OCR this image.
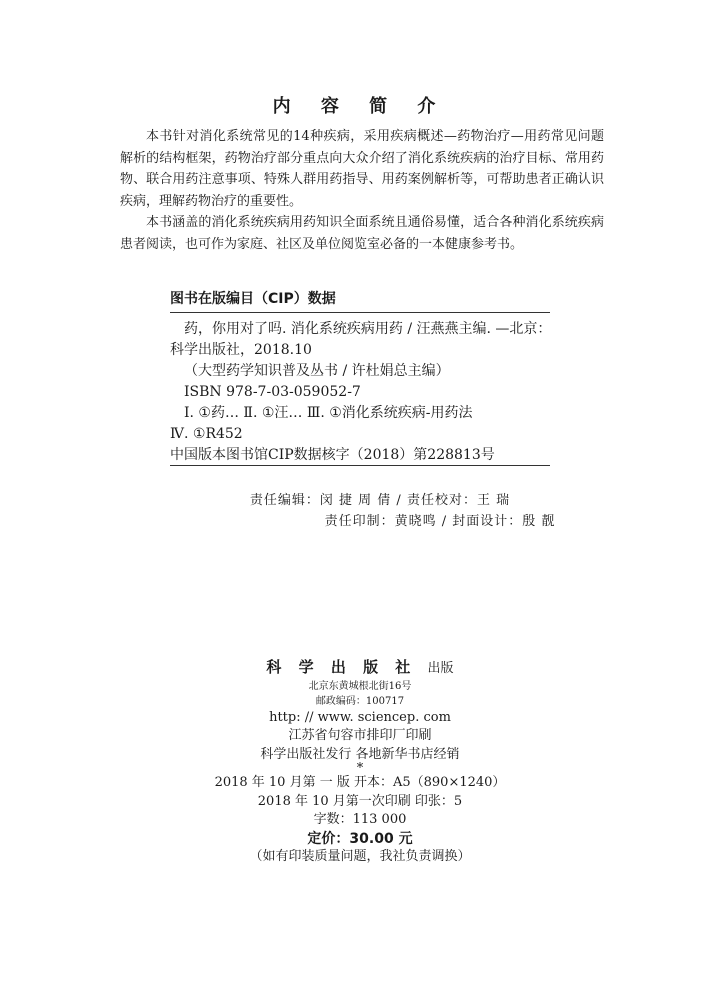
内 容 简 介

本书针对消化系统常见的14种疾病，采用疾病概述—药物治疗—用药常见问题解析的结构框架，药物治疗部分重点向大众介绍了消化系统疾病的治疗目标、常用药物、联合用药注意事项、特殊人群用药指导、用药案例解析等，可帮助患者正确认识疾病，理解药物治疗的重要性。

本书涵盖的消化系统疾病用药知识全面系统且通俗易懂，适合各种消化系统疾病患者阅读，也可作为家庭、社区及单位阅览室必备的一本健康参考书。

图书在版编目（CIP）数据
药，你用对了吗. 消化系统疾病用药 / 汪燕燕主编. —北京：
科学出版社，2018.10
（大型药学知识普及丛书 / 许杜娟总主编）
ISBN 978-7-03-059052-7
Ⅰ. ①药… Ⅱ. ①汪… Ⅲ. ①消化系统疾病-用药法
Ⅳ. ①R452
中国版本图书馆CIP数据核字（2018）第228813号
责任编辑：闵 捷 周 倩 / 责任校对：王 瑞
责任印制：黄晓鸣 / 封面设计：殷 靓
科 学 出 版 社 出版
北京东黄城根北街16号
邮政编码：100717
http: // www. sciencep. com
江苏省句容市排印厂印刷
科学出版社发行 各地新华书店经销
*
2018 年 10 月第 一 版 开本：A5（890×1240）
2018 年 10 月第一次印刷 印张：5
字数：113 000
定价：30.00 元
（如有印装质量问题，我社负责调换）
